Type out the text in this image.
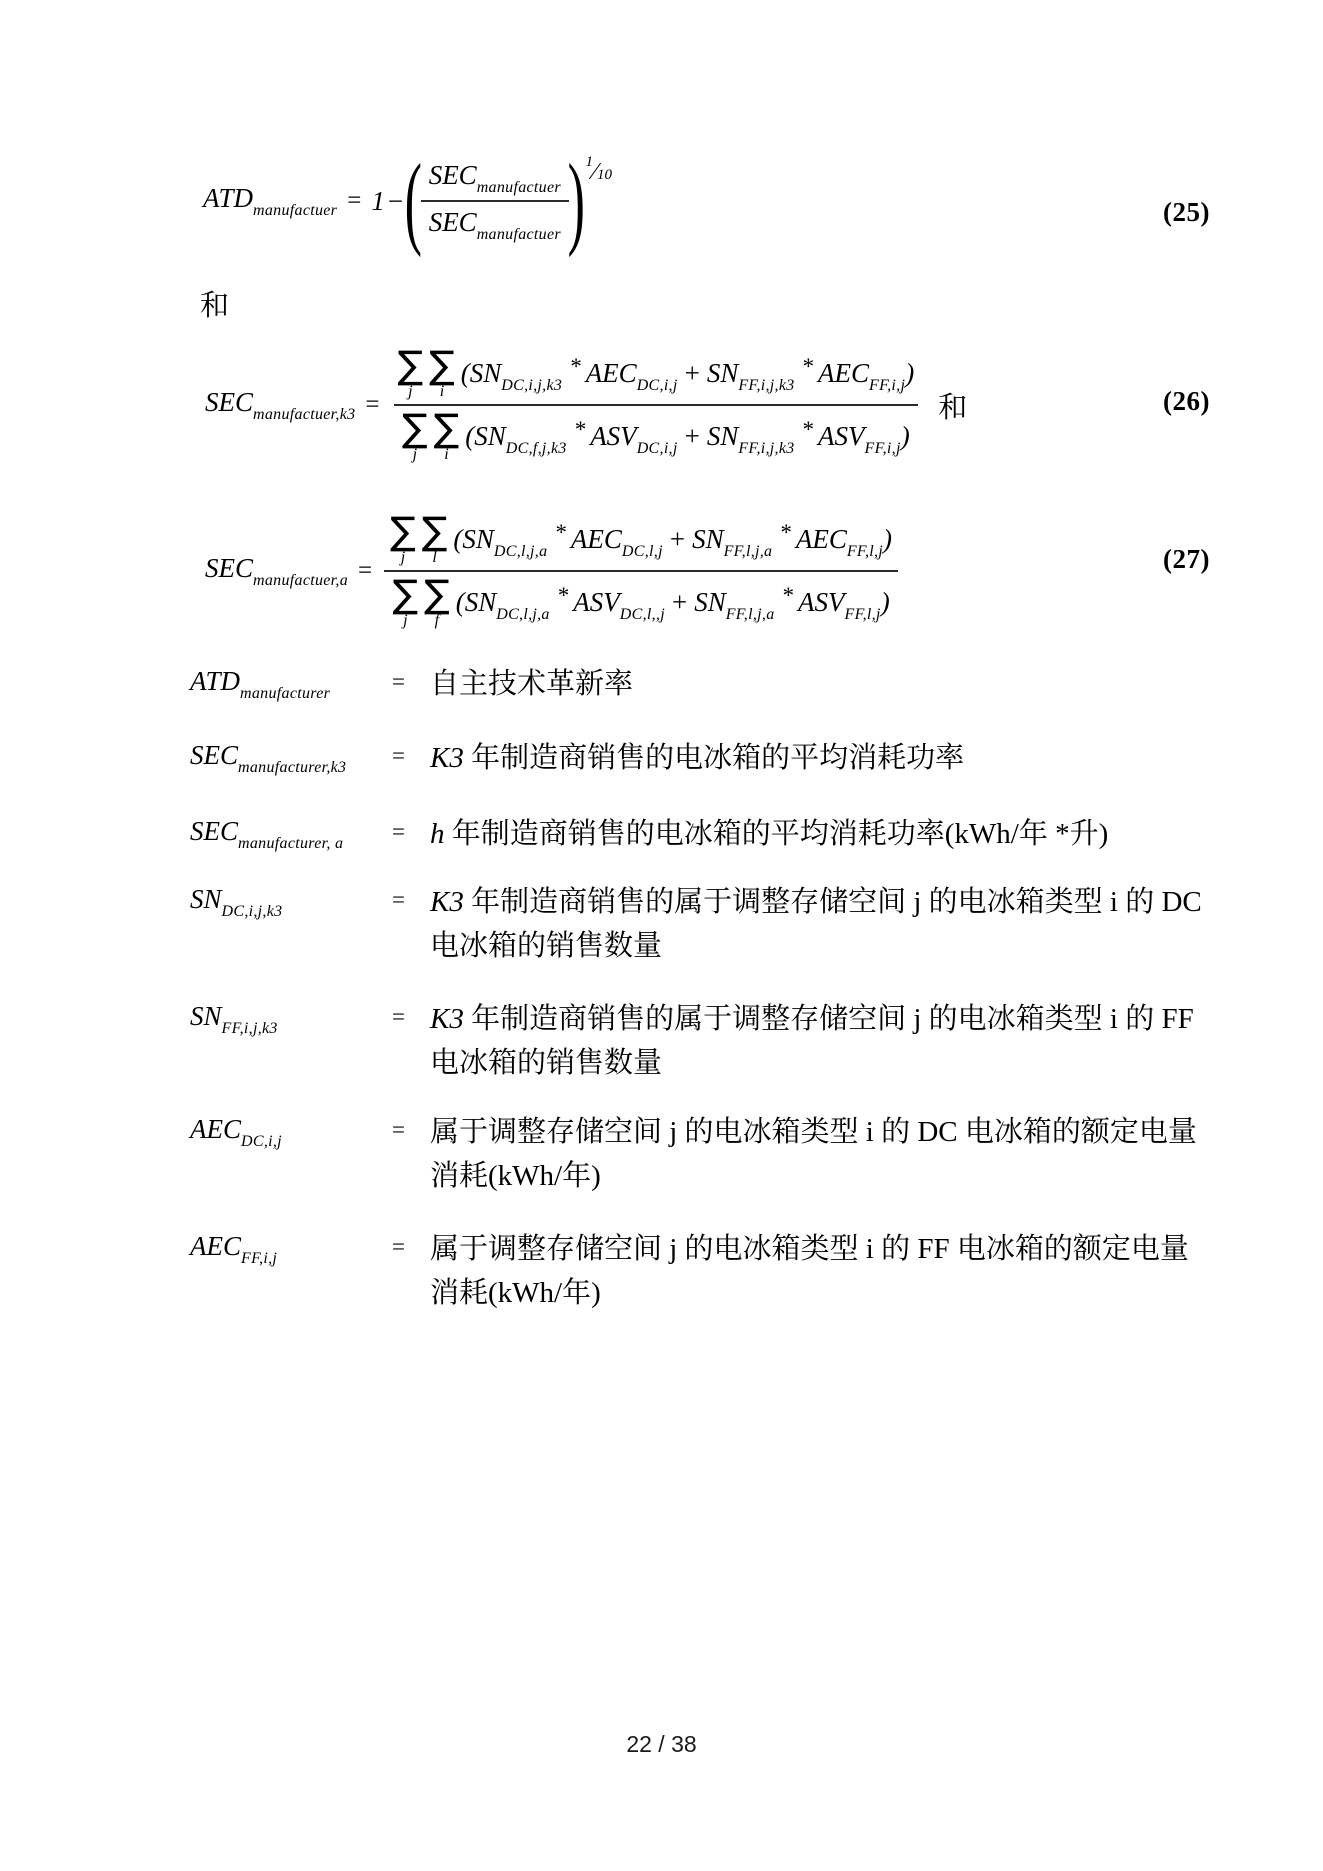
$ATD_{manufactuer} = 1$ − (
$\frac{SEC_{manufactuer}}{SEC_{manufactuer}}$
) 1⁄10
(25)
和
$SEC_{manufactuer,k3}$ =
∑
j
∑
i
($SN_{DC,i,j,k3}*$ $AEC_{DC,i,j} + SN_{FF,i,j,k3}*$ $AEC_{FF,i,j}$)
∑
j
∑
i
($SN_{DC,f,j,k3}*$ $ASV_{DC,i,j} + SN_{FF,i,j,k3}*$ $ASV_{FF,i,j}$)
和	(26)
$SEC_{manufactuer,a}$ =
∑
j
∑
l
($SN_{DC,l,j,a}*$ $AEC_{DC,l,j} + SN_{FF,l,j,a}*$ $AEC_{FF,l,j}$)
∑
j
∑
f
($SN_{DC,l,j,a}*$ $ASV_{DC,l,,j} + SN_{FF,l,j,a}*$ $ASV_{FF,l,j}$)
(27)
$ATD_{manufacturer}$	= 自主技术革新率
$SEC_{manufacturer,k3} = K3$ 年制造商销售的电冰箱的平均消耗功率
$SEC_{manufacturer, a} = h$ 年制造商销售的电冰箱的平均消耗功率(kWh/年 *升)
$SN_{DC,i,j,k3}$	= K3 年制造商销售的属于调整存储空间 j 的电冰箱类型 i 的 DC
电冰箱的销售数量
$SN_{FF,i,j,k3}$	= K3 年制造商销售的属于调整存储空间 j 的电冰箱类型 i 的 FF
电冰箱的销售数量
$AEC_{DC,i,j}$	= 属于调整存储空间 j 的电冰箱类型 i 的 DC 电冰箱的额定电量
消耗(kWh/年)
$AEC_{FF,i,j}$	= 属于调整存储空间 j 的电冰箱类型 i 的 FF 电冰箱的额定电量
消耗(kWh/年)
22 / 38
